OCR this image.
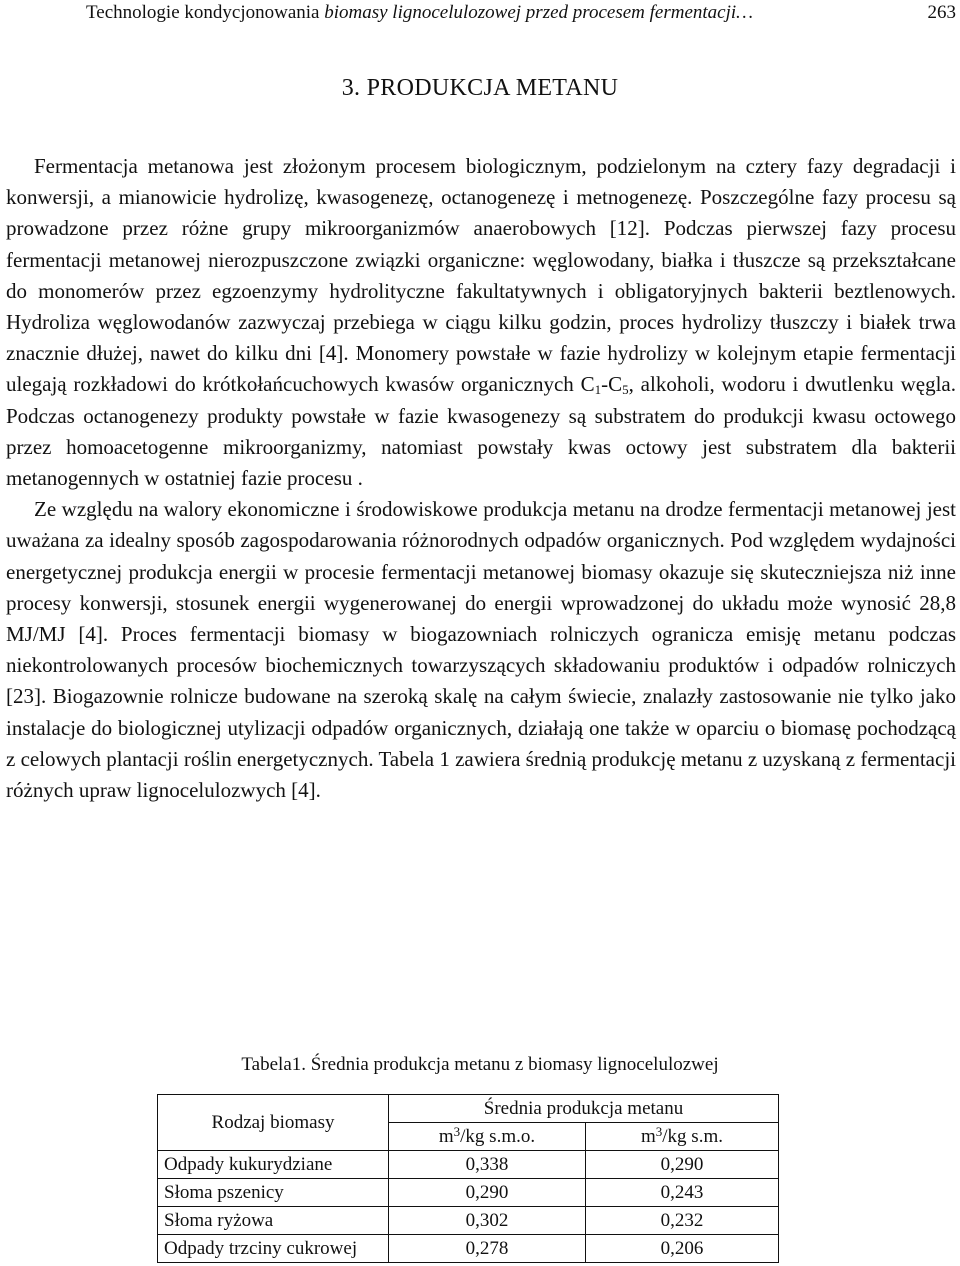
Technologie kondycjonowania biomasy lignocelulozowej przed procesem fermentacji…	263
3. PRODUKCJA METANU

Fermentacja metanowa jest złożonym procesem biologicznym, podzielonym na cztery fazy degradacji i konwersji, a mianowicie hydrolizę, kwasogenezę, octanogenezę i metnogenezę. Poszczególne fazy procesu są prowadzone przez różne grupy mikroorganizmów anaerobowych [12]. Podczas pierwszej fazy procesu fermentacji metanowej nierozpuszczone związki organiczne: węglowodany, białka i tłuszcze są przekształcane do monomerów przez egzoenzymy hydrolityczne fakultatywnych i obligatoryjnych bakterii beztlenowych. Hydroliza węglowodanów zazwyczaj przebiega w ciągu kilku godzin, proces hydrolizy tłuszczy i białek trwa znacznie dłużej, nawet do kilku dni [4]. Monomery powstałe w fazie hydrolizy w kolejnym etapie fermentacji ulegają rozkładowi do krótkołańcuchowych kwasów organicznych $C_1-C_5$, alkoholi, wodoru i dwutlenku węgla. Podczas octanogenezy produkty powstałe w fazie kwasogenezy są substratem do produkcji kwasu octowego przez homoacetogenne mikroorganizmy, natomiast powstały kwas octowy jest substratem dla bakterii metanogennych w ostatniej fazie procesu .

Ze względu na walory ekonomiczne i środowiskowe produkcja metanu na drodze fermentacji metanowej jest uważana za idealny sposób zagospodarowania różnorodnych odpadów organicznych. Pod względem wydajności energetycznej produkcja energii w procesie fermentacji metanowej biomasy okazuje się skuteczniejsza niż inne procesy konwersji, stosunek energii wygenerowanej do energii wprowadzonej do układu może wynosić 28,8 MJ/MJ [4]. Proces fermentacji biomasy w biogazowniach rolniczych ogranicza emisję metanu podczas niekontrolowanych procesów biochemicznych towarzyszących składowaniu produktów i odpadów rolniczych [23]. Biogazownie rolnicze budowane na szeroką skalę na całym świecie, znalazły zastosowanie nie tylko jako instalacje do biologicznej utylizacji odpadów organicznych, działają one także w oparciu o biomasę pochodzącą z celowych plantacji roślin energetycznych. Tabela 1 zawiera średnią produkcję metanu z uzyskaną z fermentacji różnych upraw lignocelulozwych [4].

Tabela1. Średnia produkcja metanu z biomasy lignocelulozwej
Rodzaj biomasy	Średnia produkcja metanu	
	$m^3/kg$ s.m.o.	$m^3/kg$ s.m.
Odpady kukurydziane	0,338	0,290
Słoma pszenicy	0,290	0,243
Słoma ryżowa	0,302	0,232
Odpady trzciny cukrowej	0,278	0,206
